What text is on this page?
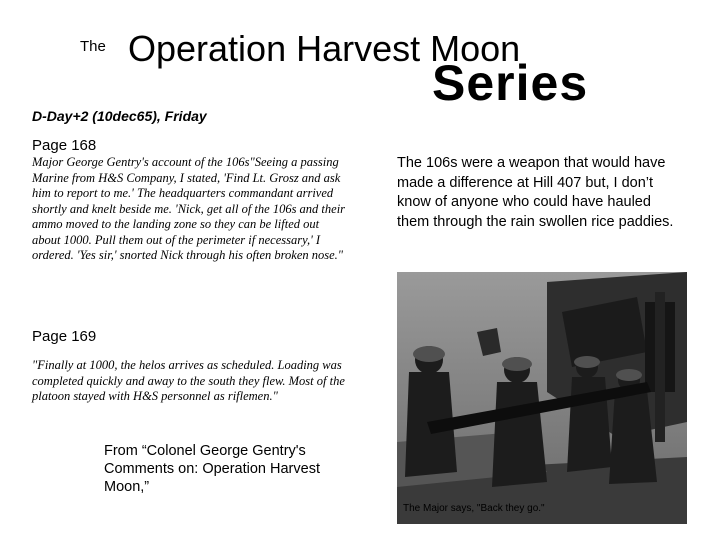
The Operation Harvest Moon
Series
D-Day+2 (10dec65), Friday
Page 168
Major George Gentry's account of the 106s"Seeing a passing Marine from H&S Company, I stated, 'Find Lt. Grosz and ask him to report to me.' The headquarters commandant arrived shortly and knelt beside me. 'Nick, get all of the 106s and their ammo moved to the landing zone so they can be lifted out about 1000. Pull them out of the perimeter if necessary,' I ordered. 'Yes sir,' snorted Nick through his often broken nose."
The 106s were a weapon that would have made a difference at Hill 407 but, I don’t know of anyone who could have hauled them through the rain swollen rice paddies.
The Major says, "Back they go."
Page 169
"Finally at 1000, the helos arrives as scheduled. Loading was completed quickly and away to the south they flew. Most of the platoon stayed with H&S personnel as riflemen."
From “Colonel George Gentry's Comments on: Operation Harvest Moon,”
